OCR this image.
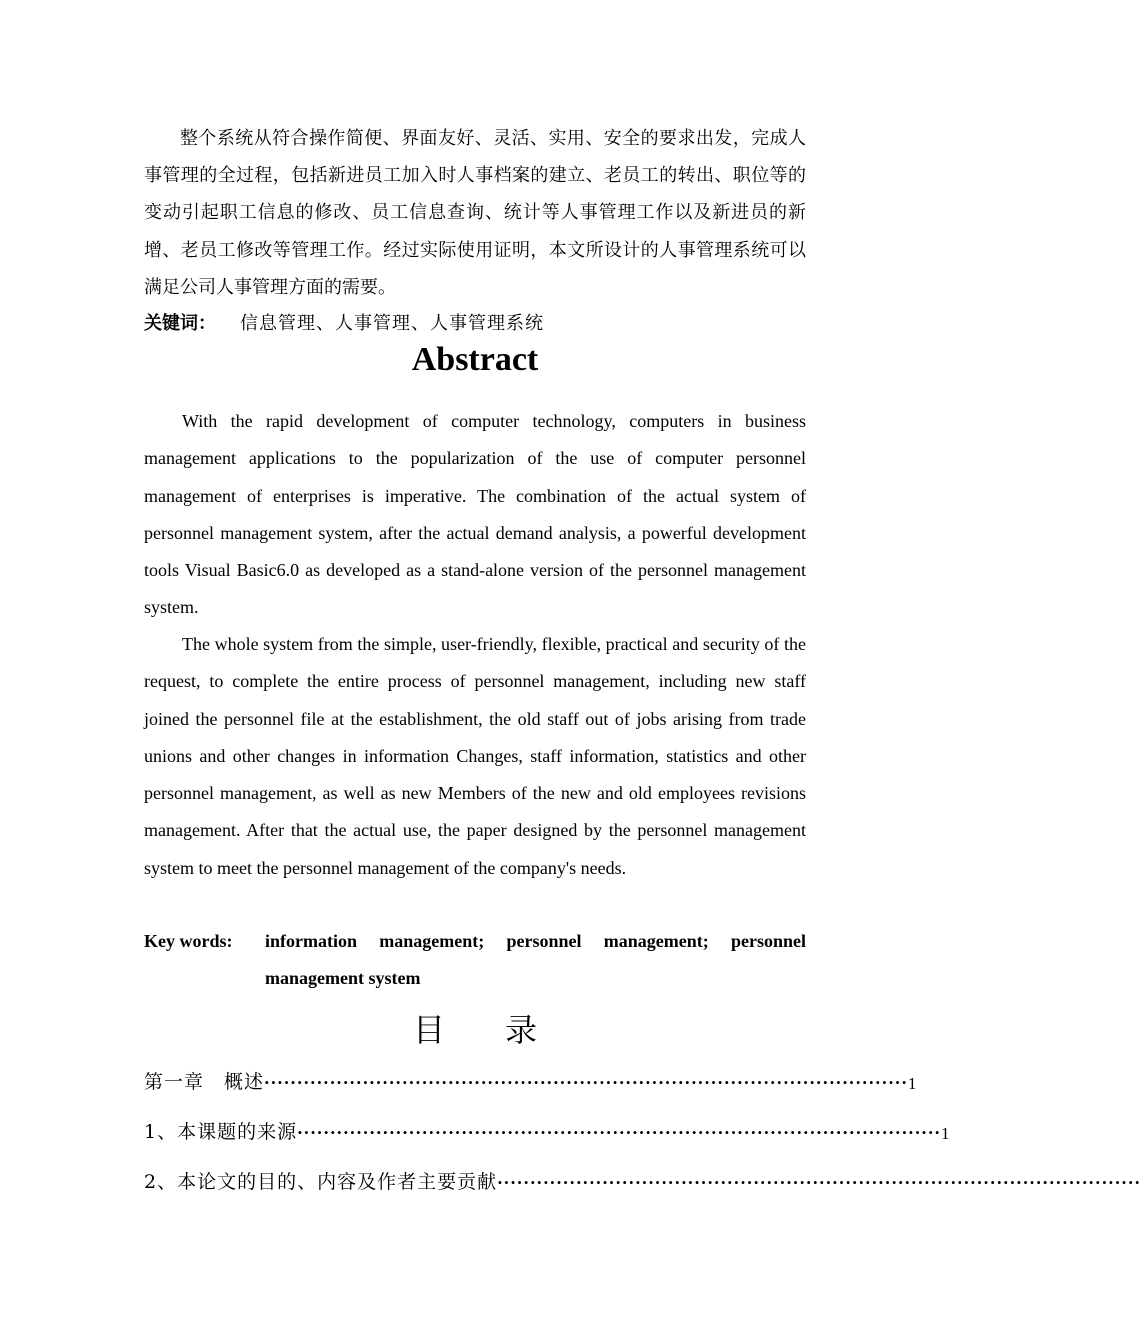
整个系统从符合操作简便、界面友好、灵活、实用、安全的要求出发，完成人事管理的全过程，包括新进员工加入时人事档案的建立、老员工的转出、职位等的变动引起职工信息的修改、员工信息查询、统计等人事管理工作以及新进员的新增、老员工修改等管理工作。经过实际使用证明，本文所设计的人事管理系统可以满足公司人事管理方面的需要。
关键词： 信息管理、人事管理、人事管理系统
Abstract

With the rapid development of computer technology, computers in business management applications to the popularization of the use of computer personnel management of enterprises is imperative. The combination of the actual system of personnel management system, after the actual demand analysis, a powerful development tools Visual Basic6.0 as developed as a stand-alone version of the personnel management system.

The whole system from the simple, user-friendly, flexible, practical and security of the request, to complete the entire process of personnel management, including new staff joined the personnel file at the establishment, the old staff out of jobs arising from trade unions and other changes in information Changes, staff information, statistics and other personnel management, as well as new Members of the new and old employees revisions management. After that the actual use, the paper designed by the personnel management system to meet the personnel management of the company's needs.

Key words:	information management; personnel management; personnel management system
目录
第一章　概述 ·································································································· 1
1、本课题的来源 ·································································································· 1
2、本论文的目的、内容及作者主要贡献 ··································································································
